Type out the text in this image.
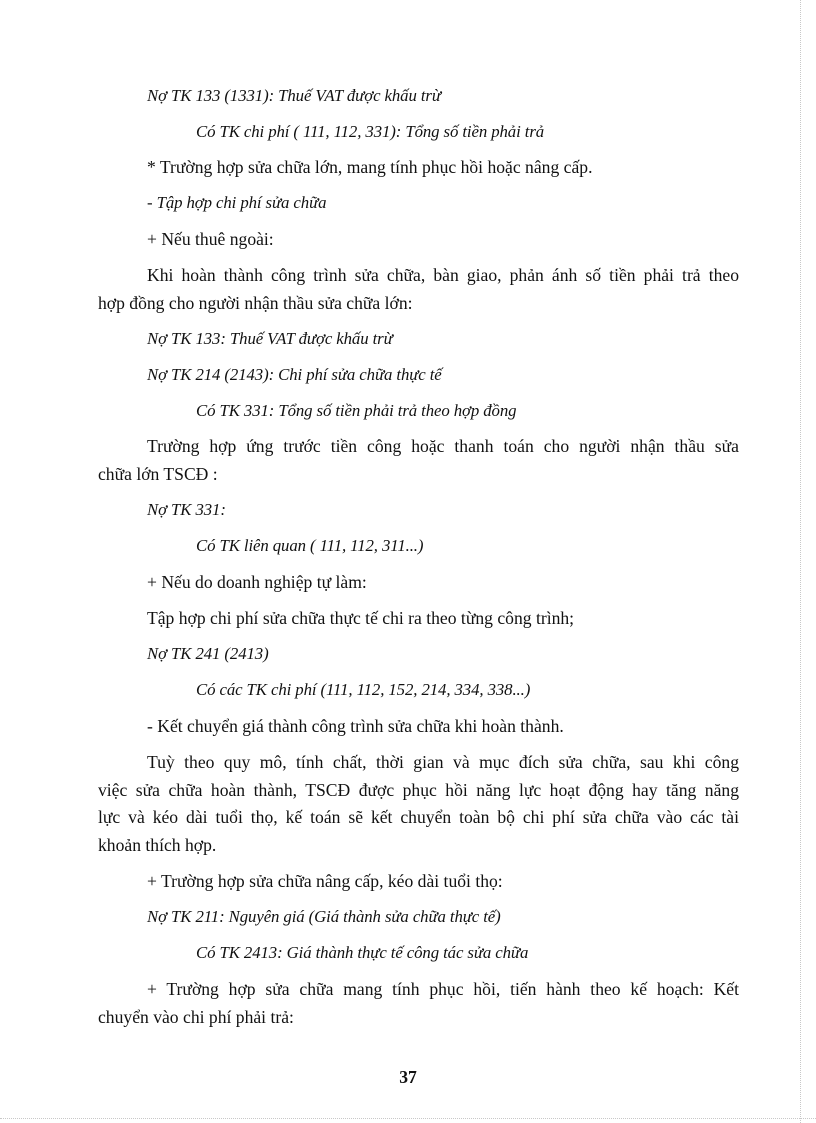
Nợ TK 133 (1331): Thuế VAT được khấu trừ
Có TK chi phí ( 111, 112, 331): Tổng số tiền phải trả
* Trường hợp sửa chữa lớn, mang tính phục hồi hoặc nâng cấp.
- Tập hợp chi phí sửa chữa
+ Nếu thuê ngoài:
Khi hoàn thành công trình sửa chữa, bàn giao, phản ánh số tiền phải trả theo
hợp đồng cho người nhận thầu sửa chữa lớn:
Nợ TK 133: Thuế VAT được khấu trừ
Nợ TK 214 (2143): Chi phí sửa chữa thực tế
Có TK 331: Tổng số tiền phải trả theo hợp đồng
Trường hợp ứng trước tiền công hoặc thanh toán cho người nhận thầu sửa
chữa lớn TSCĐ :
Nợ TK 331:
Có TK liên quan ( 111, 112, 311...)
+ Nếu do doanh nghiệp tự làm:
Tập hợp chi phí sửa chữa thực tế chi ra theo từng công trình;
Nợ TK 241 (2413)
Có các TK chi phí (111, 112, 152, 214, 334, 338...)
- Kết chuyển giá thành công trình sửa chữa khi hoàn thành.
Tuỳ theo quy mô, tính chất, thời gian và mục đích sửa chữa, sau khi công
việc sửa chữa hoàn thành, TSCĐ được phục hồi năng lực hoạt động hay tăng năng
lực và kéo dài tuổi thọ, kế toán sẽ kết chuyển toàn bộ chi phí sửa chữa vào các tài
khoản thích hợp.
+ Trường hợp sửa chữa nâng cấp, kéo dài tuổi thọ:
Nợ TK 211: Nguyên giá (Giá thành sửa chữa thực tế)
Có TK 2413: Giá thành thực tế công tác sửa chữa
+ Trường hợp sửa chữa mang tính phục hồi, tiến hành theo kế hoạch: Kết
chuyển vào chi phí phải trả:
37
